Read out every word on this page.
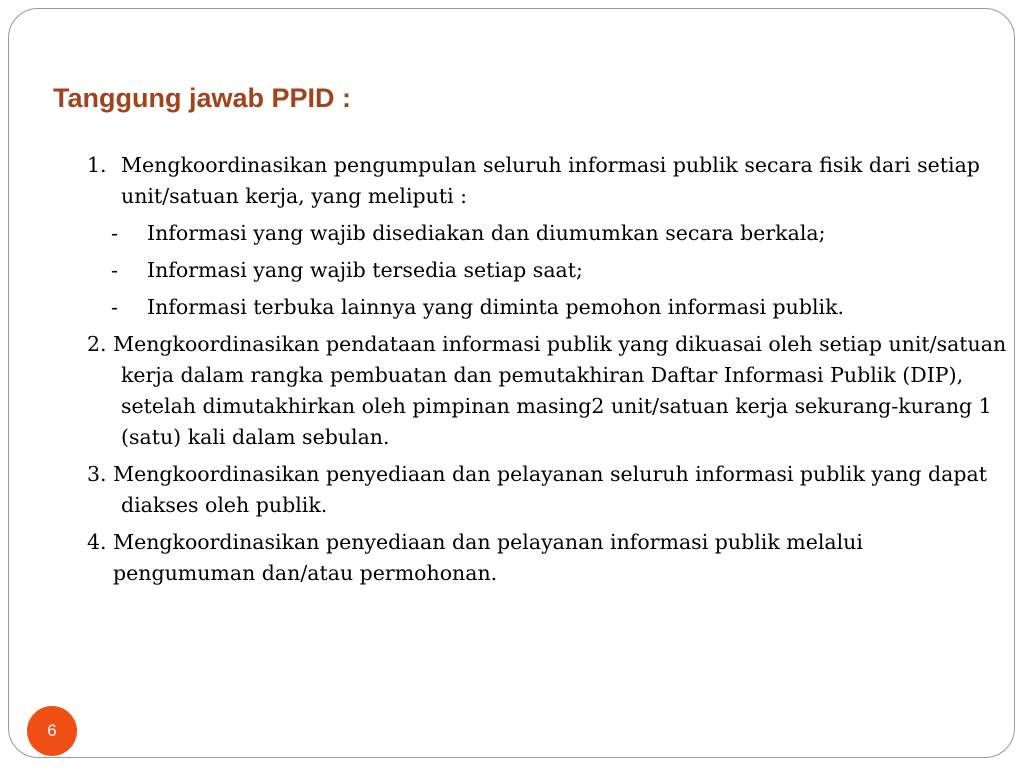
Tanggung jawab PPID :
1. Mengkoordinasikan pengumpulan seluruh informasi publik secara fisik dari setiap unit/satuan kerja, yang meliputi :
- Informasi yang wajib disediakan dan diumumkan secara berkala;
- Informasi yang wajib tersedia setiap saat;
- Informasi terbuka lainnya yang diminta pemohon informasi publik.

2. Mengkoordinasikan pendataan informasi publik yang dikuasai oleh setiap unit/satuan kerja dalam rangka pembuatan dan pemutakhiran Daftar Informasi Publik (DIP), setelah dimutakhirkan oleh pimpinan masing2 unit/satuan kerja sekurang-kurang 1 (satu) kali dalam sebulan.

3. Mengkoordinasikan penyediaan dan pelayanan seluruh informasi publik yang dapat diakses oleh publik.

4. Mengkoordinasikan penyediaan dan pelayanan informasi publik melalui pengumuman dan/atau permohonan.

6
